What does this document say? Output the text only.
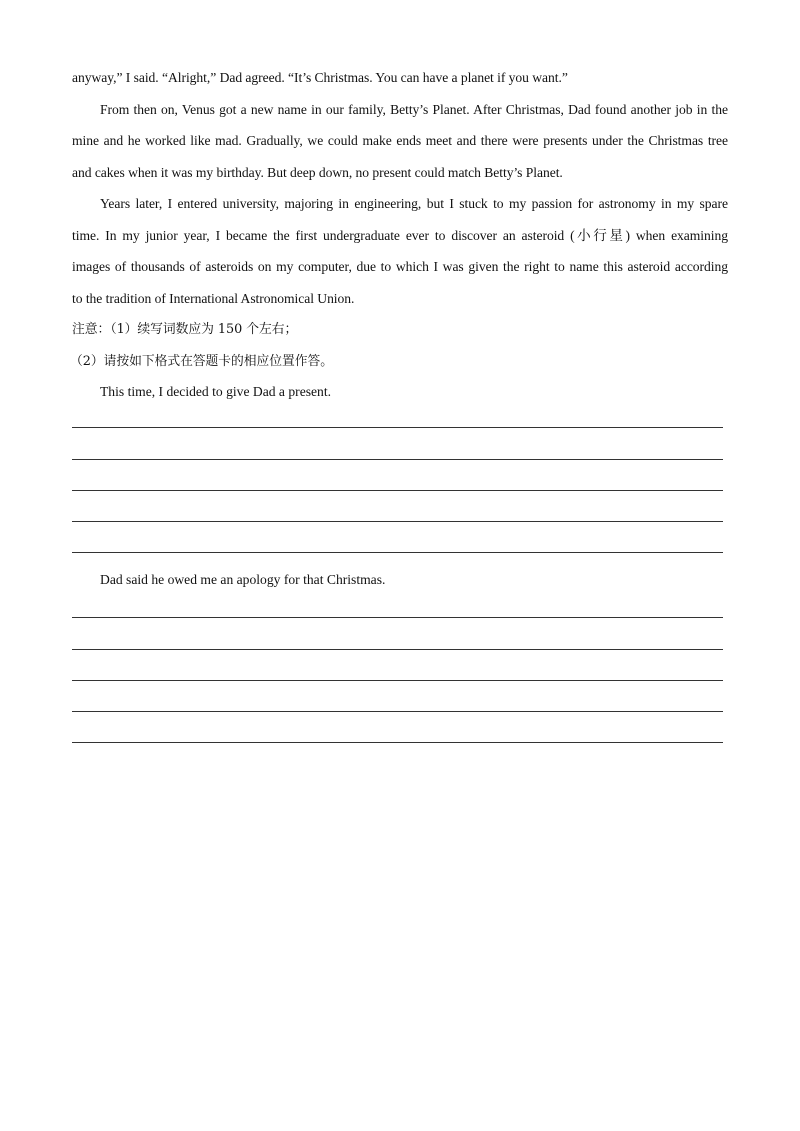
anyway,” I said. “Alright,” Dad agreed. “It’s Christmas. You can have a planet if you want.”
From then on, Venus got a new name in our family, Betty’s Planet. After Christmas, Dad found another job in the
mine and he worked like mad. Gradually, we could make ends meet and there were presents under the Christmas tree
and cakes when it was my birthday. But deep down, no present could match Betty’s Planet.
Years later, I entered university, majoring in engineering, but I stuck to my passion for astronomy in my spare
time. In my junior year, I became the first undergraduate ever to discover an asteroid (小行星) when examining
images of thousands of asteroids on my computer, due to which I was given the right to name this asteroid according
to the tradition of International Astronomical Union.
注意：（1）续写词数应为 150 个左右；
（2）请按如下格式在答题卡的相应位置作答。
This time, I decided to give Dad a present.
Dad said he owed me an apology for that Christmas.
